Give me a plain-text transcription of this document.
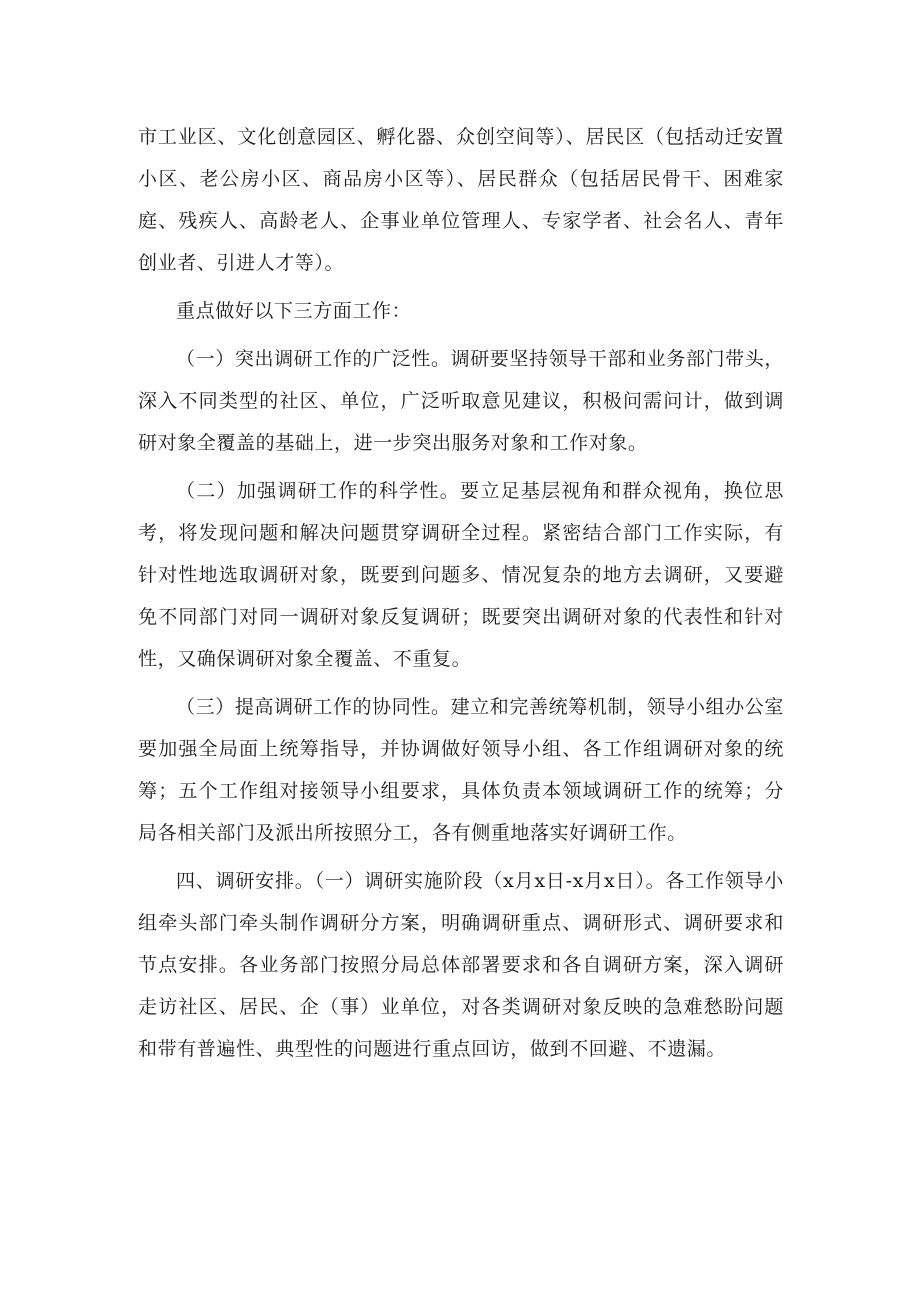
市工业区、文化创意园区、孵化器、众创空间等）、居民区（包括动迁安置小区、老公房小区、商品房小区等）、居民群众（包括居民骨干、困难家庭、残疾人、高龄老人、企事业单位管理人、专家学者、社会名人、青年创业者、引进人才等）。

重点做好以下三方面工作：

（一）突出调研工作的广泛性。调研要坚持领导干部和业务部门带头，深入不同类型的社区、单位，广泛听取意见建议，积极问需问计，做到调研对象全覆盖的基础上，进一步突出服务对象和工作对象。

（二）加强调研工作的科学性。要立足基层视角和群众视角，换位思考，将发现问题和解决问题贯穿调研全过程。紧密结合部门工作实际，有针对性地选取调研对象，既要到问题多、情况复杂的地方去调研，又要避免不同部门对同一调研对象反复调研；既要突出调研对象的代表性和针对性，又确保调研对象全覆盖、不重复。

（三）提高调研工作的协同性。建立和完善统筹机制，领导小组办公室要加强全局面上统筹指导，并协调做好领导小组、各工作组调研对象的统筹；五个工作组对接领导小组要求，具体负责本领域调研工作的统筹；分局各相关部门及派出所按照分工，各有侧重地落实好调研工作。

四、调研安排。（一）调研实施阶段（x月x日-x月x日）。各工作领导小组牵头部门牵头制作调研分方案，明确调研重点、调研形式、调研要求和节点安排。各业务部门按照分局总体部署要求和各自调研方案，深入调研走访社区、居民、企（事）业单位，对各类调研对象反映的急难愁盼问题和带有普遍性、典型性的问题进行重点回访，做到不回避、不遗漏。
